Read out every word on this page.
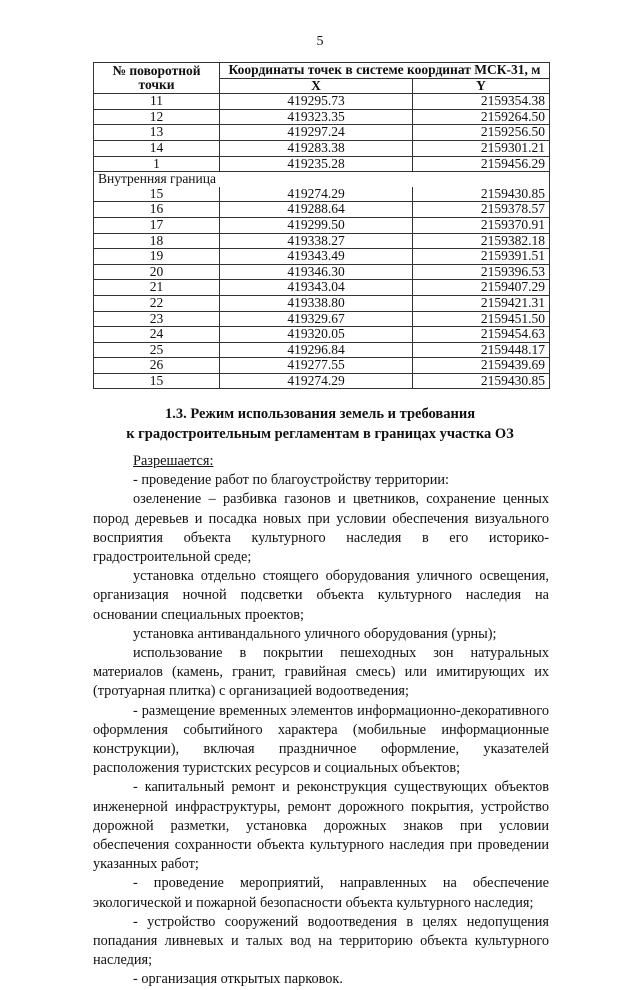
5
№ поворотной точки	Координаты точек в системе координат МСК-31, м	
	X	Y
11	419295.73	2159354.38
12	419323.35	2159264.50
13	419297.24	2159256.50
14	419283.38	2159301.21
1	419235.28	2159456.29
Внутренняя граница		
15	419274.29	2159430.85
16	419288.64	2159378.57
17	419299.50	2159370.91
18	419338.27	2159382.18
19	419343.49	2159391.51
20	419346.30	2159396.53
21	419343.04	2159407.29
22	419338.80	2159421.31
23	419329.67	2159451.50
24	419320.05	2159454.63
25	419296.84	2159448.17
26	419277.55	2159439.69
15	419274.29	2159430.85
1.3. Режим использования земель и требования
к градостроительным регламентам в границах участка ОЗ

Разрешается:

- проведение работ по благоустройству территории:

озеленение – разбивка газонов и цветников, сохранение ценных пород деревьев и посадка новых при условии обеспечения визуального восприятия объекта культурного наследия в его историко-градостроительной среде;

установка отдельно стоящего оборудования уличного освещения, организация ночной подсветки объекта культурного наследия на основании специальных проектов;

установка антивандального уличного оборудования (урны);

использование в покрытии пешеходных зон натуральных материалов (камень, гранит, гравийная смесь) или имитирующих их (тротуарная плитка) с организацией водоотведения;

- размещение временных элементов информационно-декоративного оформления событийного характера (мобильные информационные конструкции), включая праздничное оформление, указателей расположения туристских ресурсов и социальных объектов;

- капитальный ремонт и реконструкция существующих объектов инженерной инфраструктуры, ремонт дорожного покрытия, устройство дорожной разметки, установка дорожных знаков при условии обеспечения сохранности объекта культурного наследия при проведении указанных работ;

- проведение мероприятий, направленных на обеспечение экологической и пожарной безопасности объекта культурного наследия;

- устройство сооружений водоотведения в целях недопущения попадания ливневых и талых вод на территорию объекта культурного наследия;

- организация открытых парковок.
